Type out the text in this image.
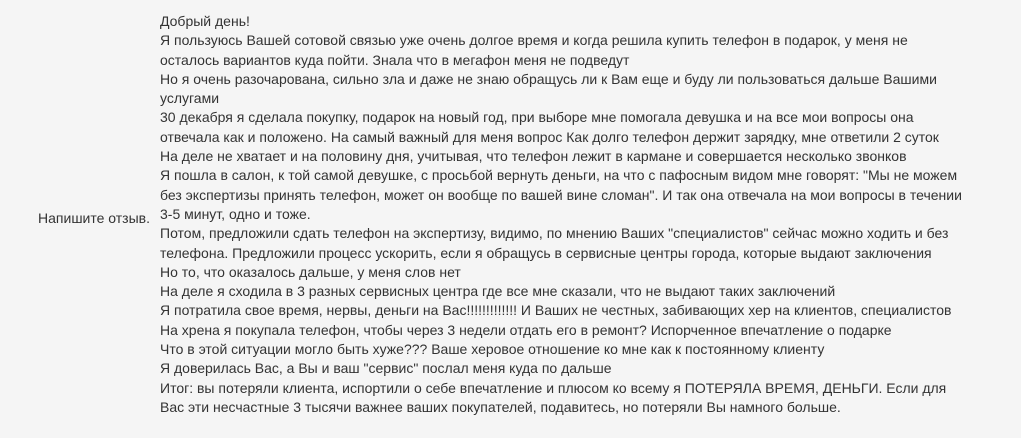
Напишите отзыв.
Добрый день!
Я пользуюсь Вашей сотовой связью уже очень долгое время и когда решила купить телефон в подарок, у меня не
осталось вариантов куда пойти. Знала что в мегафон меня не подведут
Но я очень разочарована, сильно зла и даже не знаю обращусь ли к Вам еще и буду ли пользоваться дальше Вашими
услугами
30 декабря я сделала покупку, подарок на новый год, при выборе мне помогала девушка и на все мои вопросы она
отвечала как и положено. На самый важный для меня вопрос Как долго телефон держит зарядку, мне ответили 2 суток
На деле не хватает и на половину дня, учитывая, что телефон лежит в кармане и совершается несколько звонков
Я пошла в салон, к той самой девушке, с просьбой вернуть деньги, на что с пафосным видом мне говорят: "Мы не можем
без экспертизы принять телефон, может он вообще по вашей вине сломан". И так она отвечала на мои вопросы в течении
3-5 минут, одно и тоже.
Потом, предложили сдать телефон на экспертизу, видимо, по мнению Ваших "специалистов" сейчас можно ходить и без
телефона. Предложили процесс ускорить, если я обращусь в сервисные центры города, которые выдают заключения
Но то, что оказалось дальше, у меня слов нет
На деле я сходила в 3 разных сервисных центра где все мне сказали, что не выдают таких заключений
Я потратила свое время, нервы, деньги на Вас!!!!!!!!!!!!! И Ваших не честных, забивающих хер на клиентов, специалистов
На хрена я покупала телефон, чтобы через 3 недели отдать его в ремонт? Испорченное впечатление о подарке
Что в этой ситуации могло быть хуже??? Ваше херовое отношение ко мне как к постоянному клиенту
Я доверилась Вас, а Вы и ваш "сервис" послал меня куда по дальше
Итог: вы потеряли клиента, испортили о себе впечатление и плюсом ко всему я ПОТЕРЯЛА ВРЕМЯ, ДЕНЬГИ. Если для
Вас эти несчастные 3 тысячи важнее ваших покупателей, подавитесь, но потеряли Вы намного больше.
